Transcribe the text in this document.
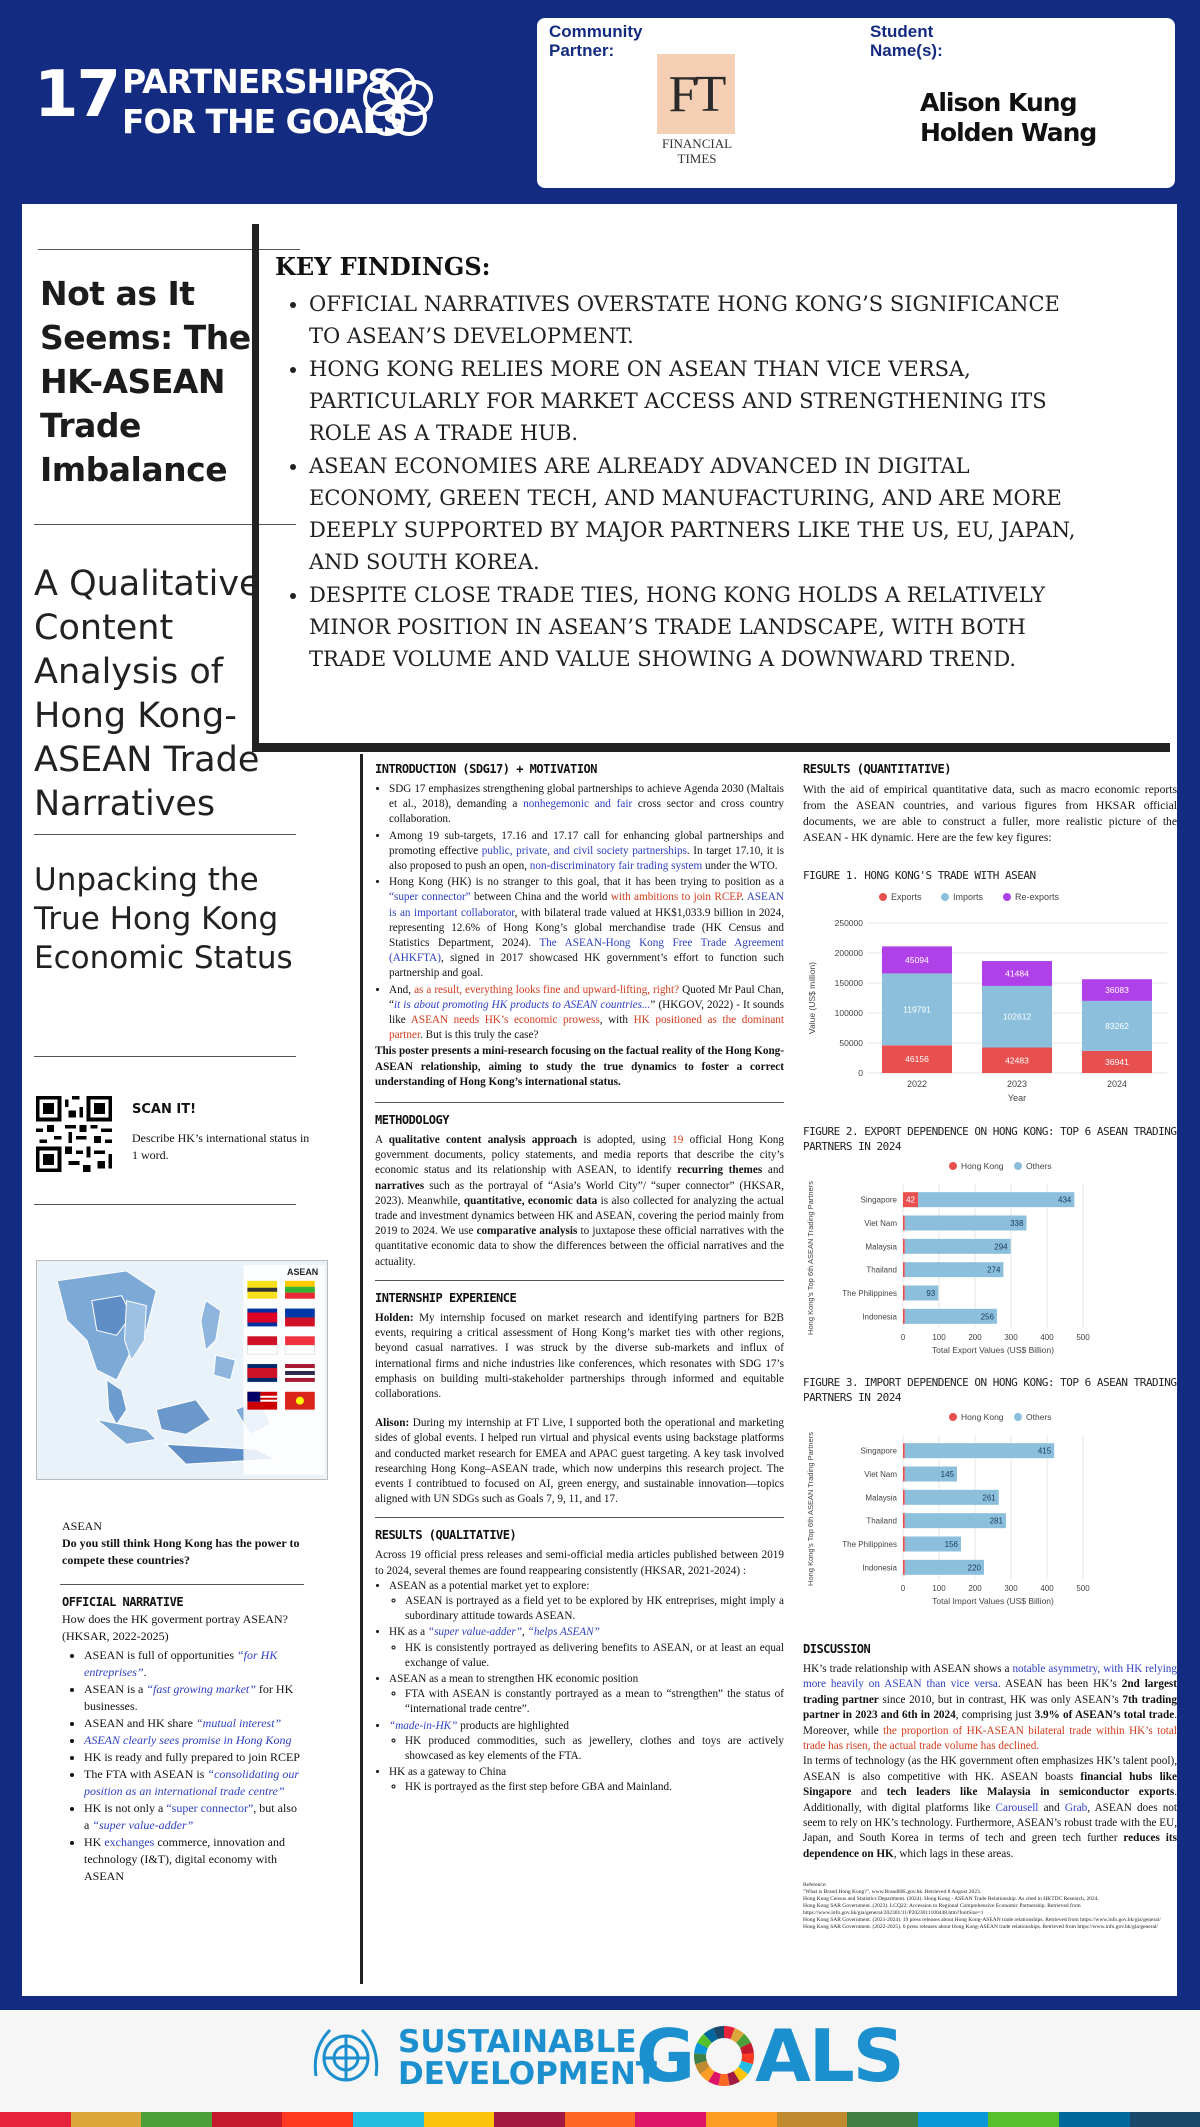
17 PARTNERSHIPS
FOR THE GOALS
Community
Partner:
FT
FINANCIAL
TIMES
Student
Name(s):
Alison Kung
Holden Wang
Not as It Seems: The HK-ASEAN Trade Imbalance
A Qualitative Content Analysis of Hong Kong-ASEAN Trade Narratives
Unpacking the True Hong Kong Economic Status
SCAN IT!
Describe HK’s international status in 1 word.
ASEAN
ASEAN
Do you still think Hong Kong has the power to compete these countries?
OFFICIAL NARRATIVE
How does the HK goverment portray ASEAN? (HKSAR, 2022-2025)
• ASEAN is full of opportunities “for HK entreprises”.
• ASEAN is a “fast growing market” for HK businesses.
• ASEAN and HK share “mutual interest”
• ASEAN clearly sees promise in Hong Kong
• HK is ready and fully prepared to join RCEP
• The FTA with ASEAN is “consolidating our position as an international trade centre”
• HK is not only a “super connector”, but also a “super value-adder”
• HK exchanges commerce, innovation and technology (I&T), digital economy with ASEAN
KEY FINDINGS:
• OFFICIAL NARRATIVES OVERSTATE HONG KONG’S SIGNIFICANCE TO ASEAN’S DEVELOPMENT.
• HONG KONG RELIES MORE ON ASEAN THAN VICE VERSA, PARTICULARLY FOR MARKET ACCESS AND STRENGTHENING ITS ROLE AS A TRADE HUB.
• ASEAN ECONOMIES ARE ALREADY ADVANCED IN DIGITAL ECONOMY, GREEN TECH, AND MANUFACTURING, AND ARE MORE DEEPLY SUPPORTED BY MAJOR PARTNERS LIKE THE US, EU, JAPAN, AND SOUTH KOREA.
• DESPITE CLOSE TRADE TIES, HONG KONG HOLDS A RELATIVELY MINOR POSITION IN ASEAN’S TRADE LANDSCAPE, WITH BOTH TRADE VOLUME AND VALUE SHOWING A DOWNWARD TREND.
INTRODUCTION (SDG17) + MOTIVATION
• SDG 17 emphasizes strengthening global partnerships to achieve Agenda 2030 (Maltais et al., 2018), demanding a nonhegemonic and fair cross sector and cross country collaboration.
• Among 19 sub-targets, 17.16 and 17.17 call for enhancing global partnerships and promoting effective public, private, and civil society partnerships. In target 17.10, it is also proposed to push an open, non-discriminatory fair trading system under the WTO.
• Hong Kong (HK) is no stranger to this goal, that it has been trying to position as a “super connector” between China and the world with ambitions to join RCEP. ASEAN is an important collaborator, with bilateral trade valued at HK$1,033.9 billion in 2024, representing 12.6% of Hong Kong’s global merchandise trade (HK Census and Statistics Department, 2024). The ASEAN-Hong Kong Free Trade Agreement (AHKFTA), signed in 2017 showcased HK government’s effort to function such partnership and goal.
• And, as a result, everything looks fine and upward-lifting, right? Quoted Mr Paul Chan, “it is about promoting HK products to ASEAN countries...” (HKGOV, 2022) - It sounds like ASEAN needs HK’s economic prowess, with HK positioned as the dominant partner. But is this truly the case?
This poster presents a mini-research focusing on the factual reality of the Hong Kong-ASEAN relationship, aiming to study the true dynamics to foster a correct understanding of Hong Kong’s international status.
METHODOLOGY
A qualitative content analysis approach is adopted, using 19 official Hong Kong government documents, policy statements, and media reports that describe the city’s economic status and its relationship with ASEAN, to identify recurring themes and narratives such as the portrayal of “Asia’s World City”/ “super connector” (HKSAR, 2023). Meanwhile, quantitative, economic data is also collected for analyzing the actual trade and investment dynamics between HK and ASEAN, covering the period mainly from 2019 to 2024. We use comparative analysis to juxtapose these official narratives with the quantitative economic data to show the differences between the official narratives and the actuality.
INTERNSHIP EXPERIENCE

Holden: My internship focused on market research and identifying partners for B2B events, requiring a critical assessment of Hong Kong’s market ties with other regions, beyond casual narratives. I was struck by the diverse sub-markets and influx of international firms and niche industries like conferences, which resonates with SDG 17’s emphasis on building multi-stakeholder partnerships through informed and equitable collaborations.

Alison: During my internship at FT Live, I supported both the operational and marketing sides of global events. I helped run virtual and physical events using backstage platforms and conducted market research for EMEA and APAC guest targeting. A key task involved researching Hong Kong–ASEAN trade, which now underpins this research project. The events I contribtued to focused on AI, green energy, and sustainable innovation—topics aligned with UN SDGs such as Goals 7, 9, 11, and 17.

RESULTS (QUALITATIVE)
Across 19 official press releases and semi-official media articles published between 2019 to 2024, several themes are found reappearing consistently (HKSAR, 2021-2024) :
• ASEAN as a potential market yet to explore:
◦ ASEAN is portrayed as a field yet to be explored by HK entreprises, might imply a subordinary attitude towards ASEAN.
• HK as a “super value-adder”, “helps ASEAN”
◦ HK is consistently portrayed as delivering benefits to ASEAN, or at least an equal exchange of value.
• ASEAN as a mean to strengthen HK economic position
◦ FTA with ASEAN is constantly portrayed as a mean to “strengthen” the status of “international trade centre”.
• “made-in-HK” products are highlighted
◦ HK produced commodities, such as jewellery, clothes and toys are actively showcased as key elements of the FTA.
• HK as a gateway to China
◦ HK is portrayed as the first step before GBA and Mainland.
RESULTS (QUANTITATIVE)
With the aid of empirical quantitative data, such as macro economic reports from the ASEAN countries, and various figures from HKSAR official documents, we are able to construct a fuller, more realistic picture of the ASEAN - HK dynamic. Here are the few key figures:
FIGURE 1. HONG KONG'S TRADE WITH ASEAN
Exports	Imports	Re-exports
0
50000
100000
150000
200000
250000
Value (US$ million)
46156
119791
45094
2022
42483
102612
41484
2023
36941
83262
36083
2024
Year
FIGURE 2. EXPORT DEPENDENCE ON HONG KONG: TOP 6 ASEAN TRADING PARTNERS IN 2024
Hong Kong	Others
0	100	200	300	400	500
Total Export Values (US$ Billion)
Hong Kong's Top 6th ASEAN Trading Partners	Singapore 42	434
Viet Nam	338
Malaysia	294
Thailand	274
The Philippines	93
Indonesia	256
FIGURE 3. IMPORT DEPENDENCE ON HONG KONG: TOP 6 ASEAN TRADING PARTNERS IN 2024
Hong Kong	Others
0	100	200	300	400	500
Total Import Values (US$ Billion)
Hong Kong's Top 6th ASEAN Trading Partners	Singapore	415
Viet Nam	145
Malaysia	261
Thailand	281
The Philippines	156
Indonesia	220
DISCUSSION

HK’s trade relationship with ASEAN shows a notable asymmetry, with HK relying more heavily on ASEAN than vice versa. ASEAN has been HK’s 2nd largest trading partner since 2010, but in contrast, HK was only ASEAN’s 7th trading partner in 2023 and 6th in 2024, comprising just 3.9% of ASEAN’s total trade. Moreover, while the proportion of HK-ASEAN bilateral trade within HK’s total trade has risen, the actual trade volume has declined.

In terms of technology (as the HK government often emphasizes HK’s talent pool), ASEAN is also competitive with HK. ASEAN boasts financial hubs like Singapore and tech leaders like Malaysia in semiconductor exports. Additionally, with digital platforms like Carousell and Grab, ASEAN does not seem to rely on HK’s technology. Furthermore, ASEAN’s robust trade with the EU, Japan, and South Korea in terms of tech and green tech further reduces its dependence on HK, which lags in these areas.

Reference:
"What is Brand Hong Kong?", www.BrandHK.gov.hk. Retrieved 8 August 2023.
Hong Kong Census and Statistics Department. (2024). Hong Kong - ASEAN Trade Relationship. As cited in HKTDC Research, 2024.
Hong Kong SAR Government. (2023). LCQ22: Accession to Regional Comprehensive Economic Partnership. Retrieved from https://www.info.gov.hk/gia/general/202301/11/P2023011100448.htm?fontSize=1
Hong Kong SAR Government. (2021-2024). 19 press releases about Hong Kong-ASEAN trade relationships. Retrieved from https://www.info.gov.hk/gia/general/
Hong Kong SAR Government. (2022-2025). 6 press releases about Hong Kong-ASEAN trade relationships. Retrieved from https://www.info.gov.hk/gia/general/
SUSTAINABLE
DEVELOPMENT
G ALS
